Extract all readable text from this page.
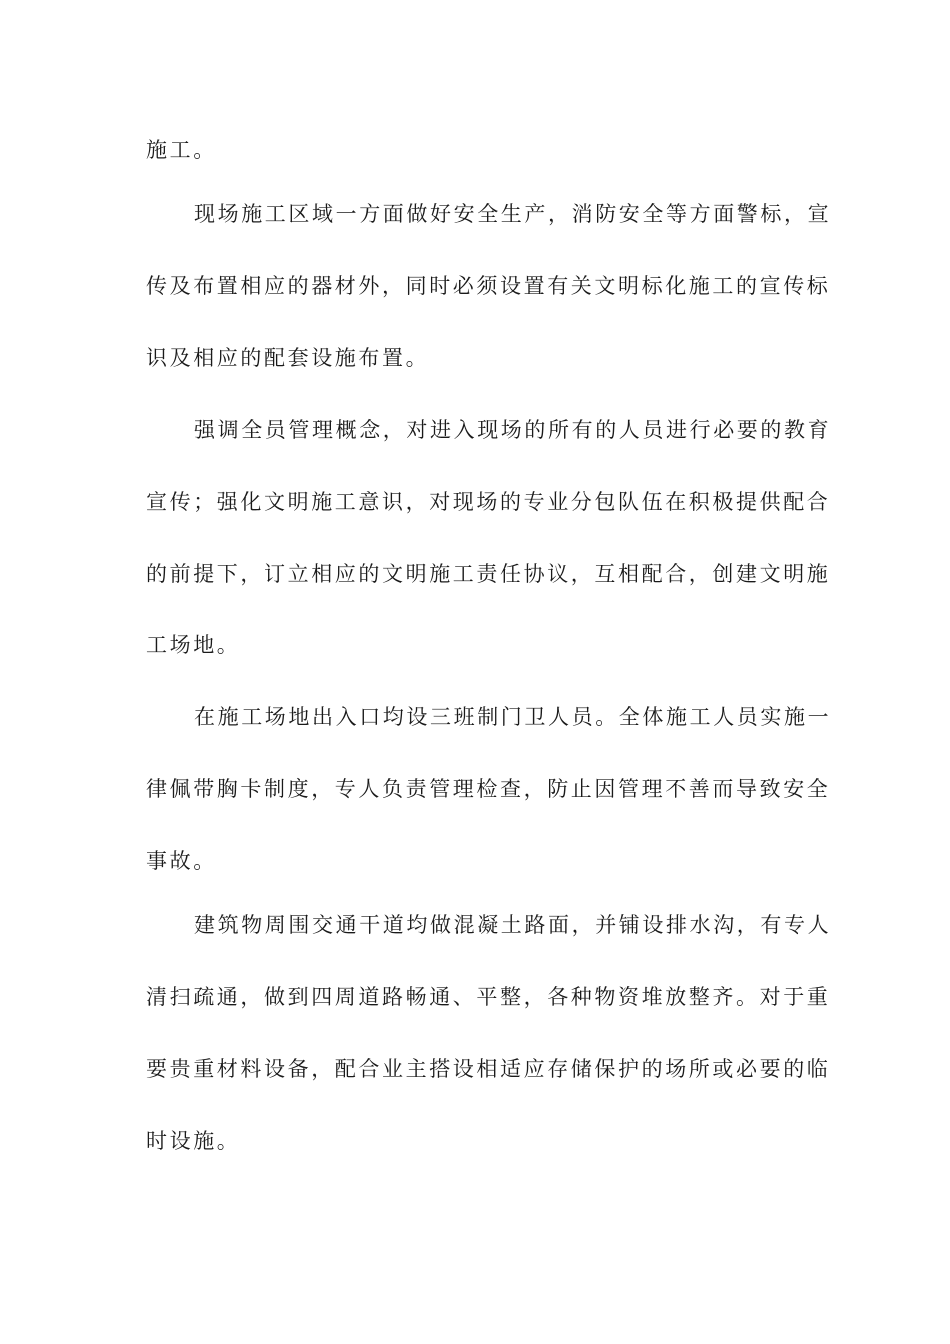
施工。
现场施工区域一方面做好安全生产，消防安全等方面警标，宣
传及布置相应的器材外，同时必须设置有关文明标化施工的宣传标
识及相应的配套设施布置。
强调全员管理概念，对进入现场的所有的人员进行必要的教育
宣传；强化文明施工意识，对现场的专业分包队伍在积极提供配合
的前提下，订立相应的文明施工责任协议，互相配合，创建文明施
工场地。
在施工场地出入口均设三班制门卫人员。全体施工人员实施一
律佩带胸卡制度，专人负责管理检查，防止因管理不善而导致安全
事故。
建筑物周围交通干道均做混凝土路面，并铺设排水沟，有专人
清扫疏通，做到四周道路畅通、平整，各种物资堆放整齐。对于重
要贵重材料设备，配合业主搭设相适应存储保护的场所或必要的临
时设施。
